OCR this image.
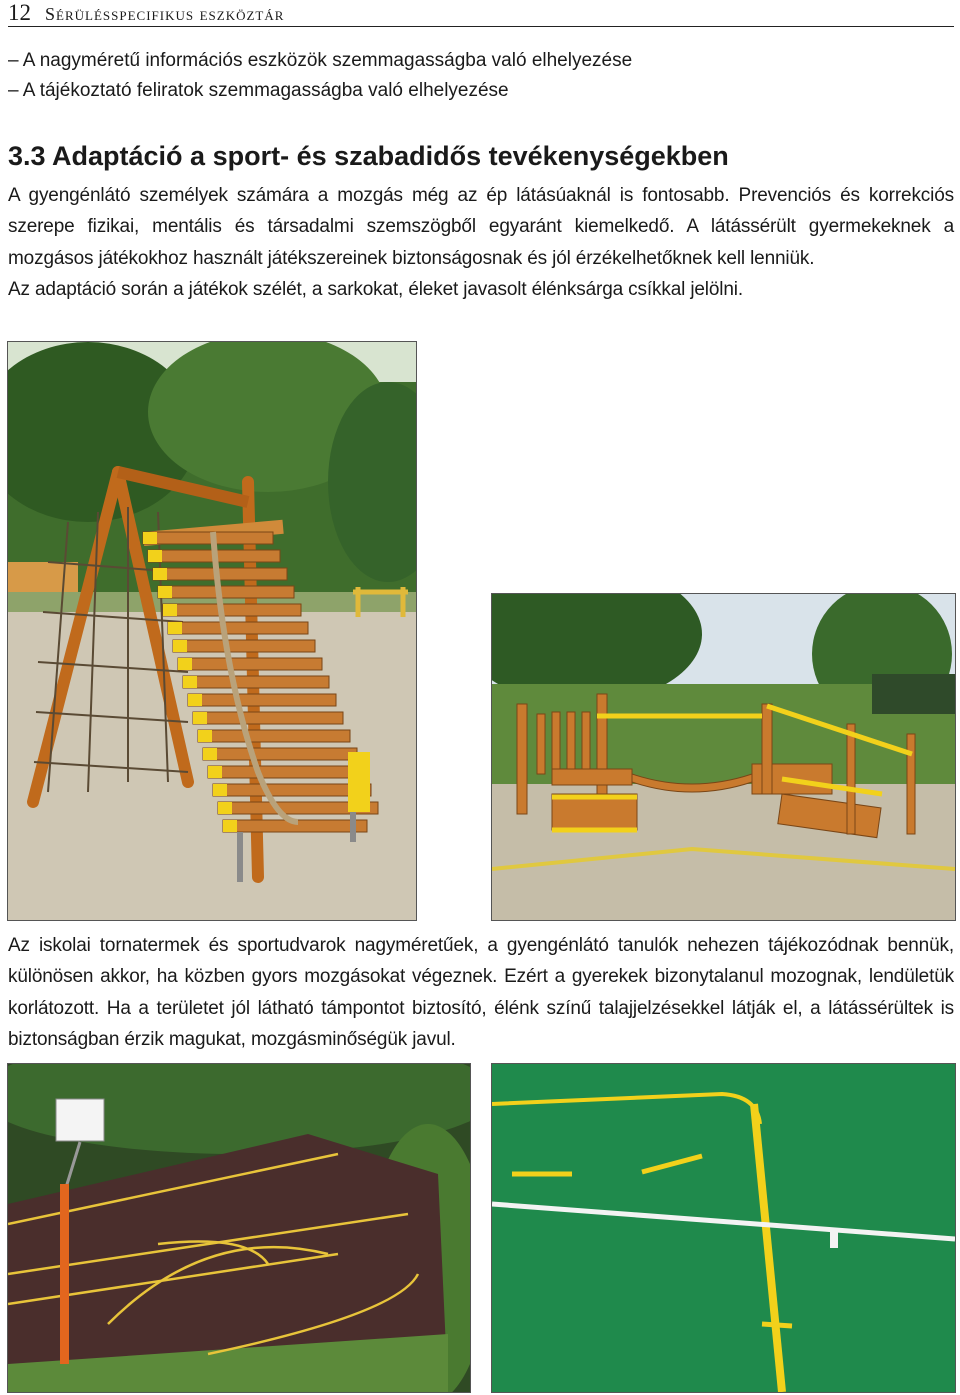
12 Sérülésspecifikus eszköztár
– A nagyméretű információs eszközök szemmagasságba való elhelyezése
– A tájékoztató feliratok szemmagasságba való elhelyezése
3.3 Adaptáció a sport- és szabadidős tevékenységekben

A gyengénlátó személyek számára a mozgás még az ép látásúaknál is fontosabb. Prevenciós és korrekciós szerepe fizikai, mentális és társadalmi szemszögből egyaránt kiemelkedő. A látássérült gyermekeknek a mozgásos játékokhoz használt játékszereinek biztonságosnak és jól érzékelhetőknek kell lenniük.

Az adaptáció során a játékok szélét, a sarkokat, éleket javasolt élénksárga csíkkal jelölni.

Az iskolai tornatermek és sportudvarok nagyméretűek, a gyengénlátó tanulók nehezen tájékozódnak bennük, különösen akkor, ha közben gyors mozgásokat végeznek. Ezért a gyerekek bizonytalanul mozognak, lendületük korlátozott. Ha a területet jól látható támpontot biztosító, élénk színű talajjelzésekkel látják el, a látássérültek is biztonságban érzik magukat, mozgásminőségük javul.
